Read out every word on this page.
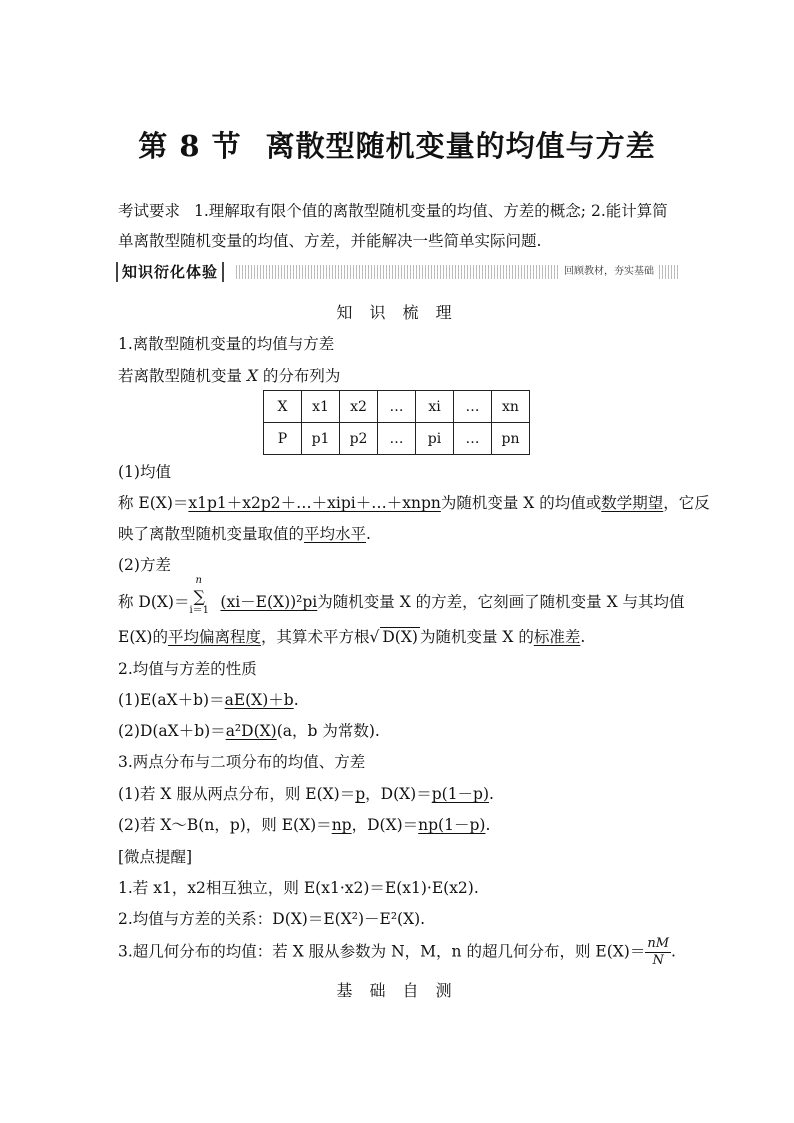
第 8 节 离散型随机变量的均值与方差
考试要求 1.理解取有限个值的离散型随机变量的均值、方差的概念; 2.能计算简
单离散型随机变量的均值、方差，并能解决一些简单实际问题.
知识衍化体验	回顾教材，夯实基础
知 识 梳 理
1.离散型随机变量的均值与方差
若离散型随机变量 X 的分布列为
X	x1	x2	…	xi	…	xn
P	p1	p2	…	pi	…	pn
(1)均值
称 E(X)＝x1p1＋x2p2＋…＋xipi＋…＋xnpn为随机变量 X 的均值或数学期望，它反
映了离散型随机变量取值的平均水平.
(2)方差
称 D(X)＝
n
∑
i＝1 (xi－E(X))²pi为随机变量 X 的方差，它刻画了随机变量 X 与其均值
E(X)的平均偏离程度，其算术平方根√ D(X) 为随机变量 X 的标准差.
2.均值与方差的性质
(1)E(aX＋b)＝aE(X)＋b.
(2)D(aX＋b)＝a²D(X)(a，b 为常数).
3.两点分布与二项分布的均值、方差
(1)若 X 服从两点分布，则 E(X)＝p，D(X)＝p(1－p).
(2)若 X～B(n，p)，则 E(X)＝np，D(X)＝np(1－p).
[微点提醒]
1.若 x1，x2相互独立，则 E(x1·x2)＝E(x1)·E(x2).
2.均值与方差的关系：D(X)＝E(X²)－E²(X).
3.超几何分布的均值：若 X 服从参数为 N，M，n 的超几何分布，则 $E(X)= \frac{nM}{N}$ .
基 础 自 测
